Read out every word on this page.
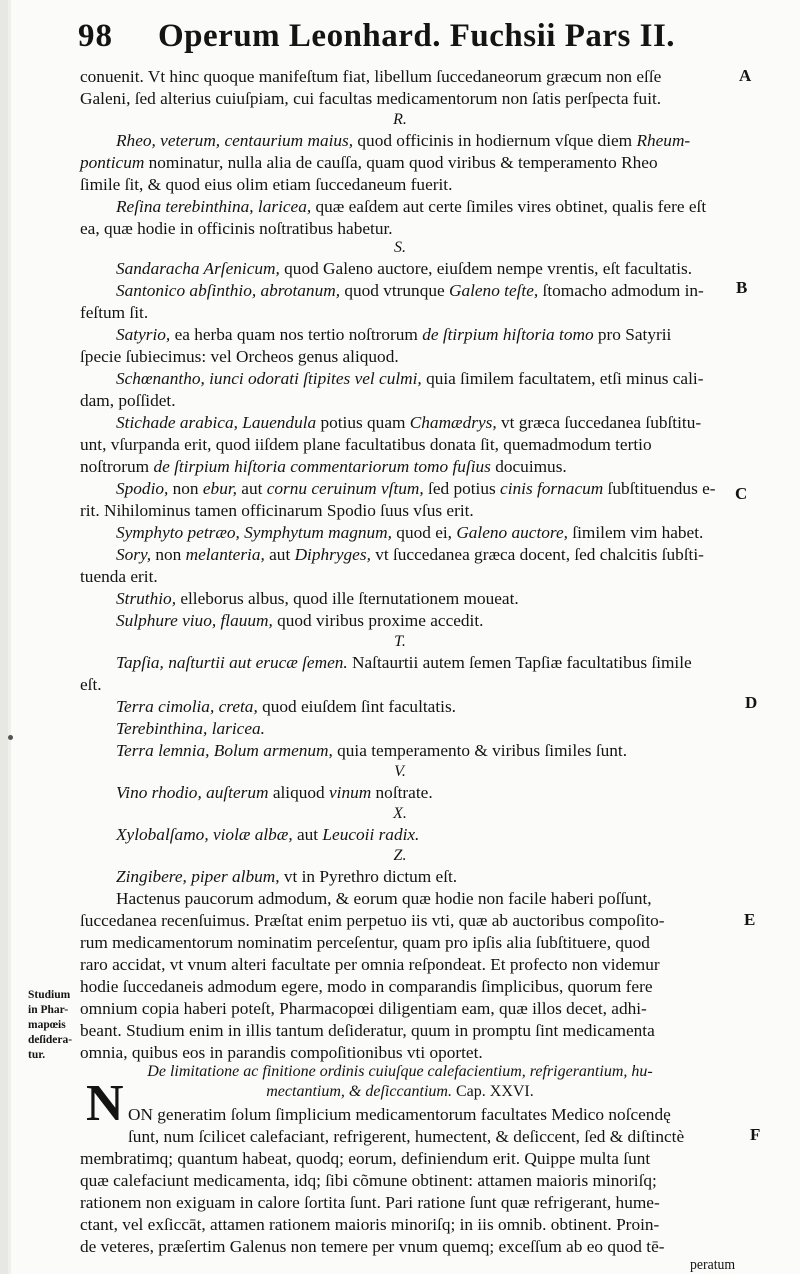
98 Operum Leonhard. Fuchsii Pars II.
A
B
C
D
E
F
Studium
in Phar-
mapœis
deſidera-
tur.
conuenit. Vt hinc quoque manifeſtum fiat, libellum ſuccedaneorum græcum non eſſe
Galeni, ſed alterius cuiuſpiam, cui facultas medicamentorum non ſatis perſpecta fuit.
R.
Rheo, veterum, centaurium maius, quod officinis in hodiernum vſque diem Rheum-
ponticum nominatur, nulla alia de cauſſa, quam quod viribus & temperamento Rheo
ſimile ſit, & quod eius olim etiam ſuccedaneum fuerit.
Reſina terebinthina, laricea, quæ eaſdem aut certe ſimiles vires obtinet, qualis fere eſt
ea, quæ hodie in officinis noſtratibus habetur.
S.
Sandaracha Arſenicum, quod Galeno auctore, eiuſdem nempe vrentis, eſt facultatis.
Santonico abſinthio, abrotanum, quod vtrunque Galeno teſte, ſtomacho admodum in-
feſtum ſit.
Satyrio, ea herba quam nos tertio noſtrorum de ſtirpium hiſtoria tomo pro Satyrii
ſpecie ſubiecimus: vel Orcheos genus aliquod.
Schœnantho, iunci odorati ſtipites vel culmi, quia ſimilem facultatem, etſi minus cali-
dam, poſſidet.
Stichade arabica, Lauendula potius quam Chamædrys, vt græca ſuccedanea ſubſtitu-
unt, vſurpanda erit, quod iiſdem plane facultatibus donata ſit, quemadmodum tertio
noſtrorum de ſtirpium hiſtoria commentariorum tomo fuſius docuimus.
Spodio, non ebur, aut cornu ceruinum vſtum, ſed potius cinis fornacum ſubſtituendus e-
rit. Nihilominus tamen officinarum Spodio ſuus vſus erit.
Symphyto petræo, Symphytum magnum, quod ei, Galeno auctore, ſimilem vim habet.
Sory, non melanteria, aut Diphryges, vt ſuccedanea græca docent, ſed chalcitis ſubſti-
tuenda erit.
Struthio, elleborus albus, quod ille ſternutationem moueat.
Sulphure viuo, flauum, quod viribus proxime accedit.
T.
Tapſia, naſturtii aut erucæ ſemen. Naſtaurtii autem ſemen Tapſiæ facultatibus ſimile
eſt.
Terra cimolia, creta, quod eiuſdem ſint facultatis.
Terebinthina, laricea.
Terra lemnia, Bolum armenum, quia temperamento & viribus ſimiles ſunt.
V.
Vino rhodio, auſterum aliquod vinum noſtrate.
X.
Xylobalſamo, violæ albæ, aut Leucoii radix.
Z.
Zingibere, piper album, vt in Pyrethro dictum eſt.
Hactenus paucorum admodum, & eorum quæ hodie non facile haberi poſſunt,
ſuccedanea recenſuimus. Præſtat enim perpetuo iis vti, quæ ab auctoribus compoſito-
rum medicamentorum nominatim perceſentur, quam pro ipſis alia ſubſtituere, quod
raro accidat, vt vnum alteri facultate per omnia reſpondeat. Et profecto non videmur
hodie ſuccedaneis admodum egere, modo in comparandis ſimplicibus, quorum fere
omnium copia haberi poteſt, Pharmacopœi diligentiam eam, quæ illos decet, adhi-
beant. Studium enim in illis tantum deſideratur, quum in promptu ſint medicamenta
omnia, quibus eos in parandis compoſitionibus vti oportet.
De limitatione ac finitione ordinis cuiuſque calefacientium, refrigerantium, hu-
mectantium, & deſiccantium. Cap. XXVI.
N ON generatim ſolum ſimplicium medicamentorum facultates Medico noſcendę
ſunt, num ſcilicet calefaciant, refrigerent, humectent, & deſiccent, ſed & diſtinctè
membratimq; quantum habeat, quodq; eorum, definiendum erit. Quippe multa ſunt
quæ calefaciunt medicamenta, idq; ſibi cõmune obtinent: attamen maioris minoriſq;
rationem non exiguam in calore ſortita ſunt. Pari ratione ſunt quæ refrigerant, hume-
ctant, vel exſiccāt, attamen rationem maioris minoriſq; in iis omnib. obtinent. Proin-
de veteres, præſertim Galenus non temere per vnum quemq; exceſſum ab eo quod tē-
peratum
